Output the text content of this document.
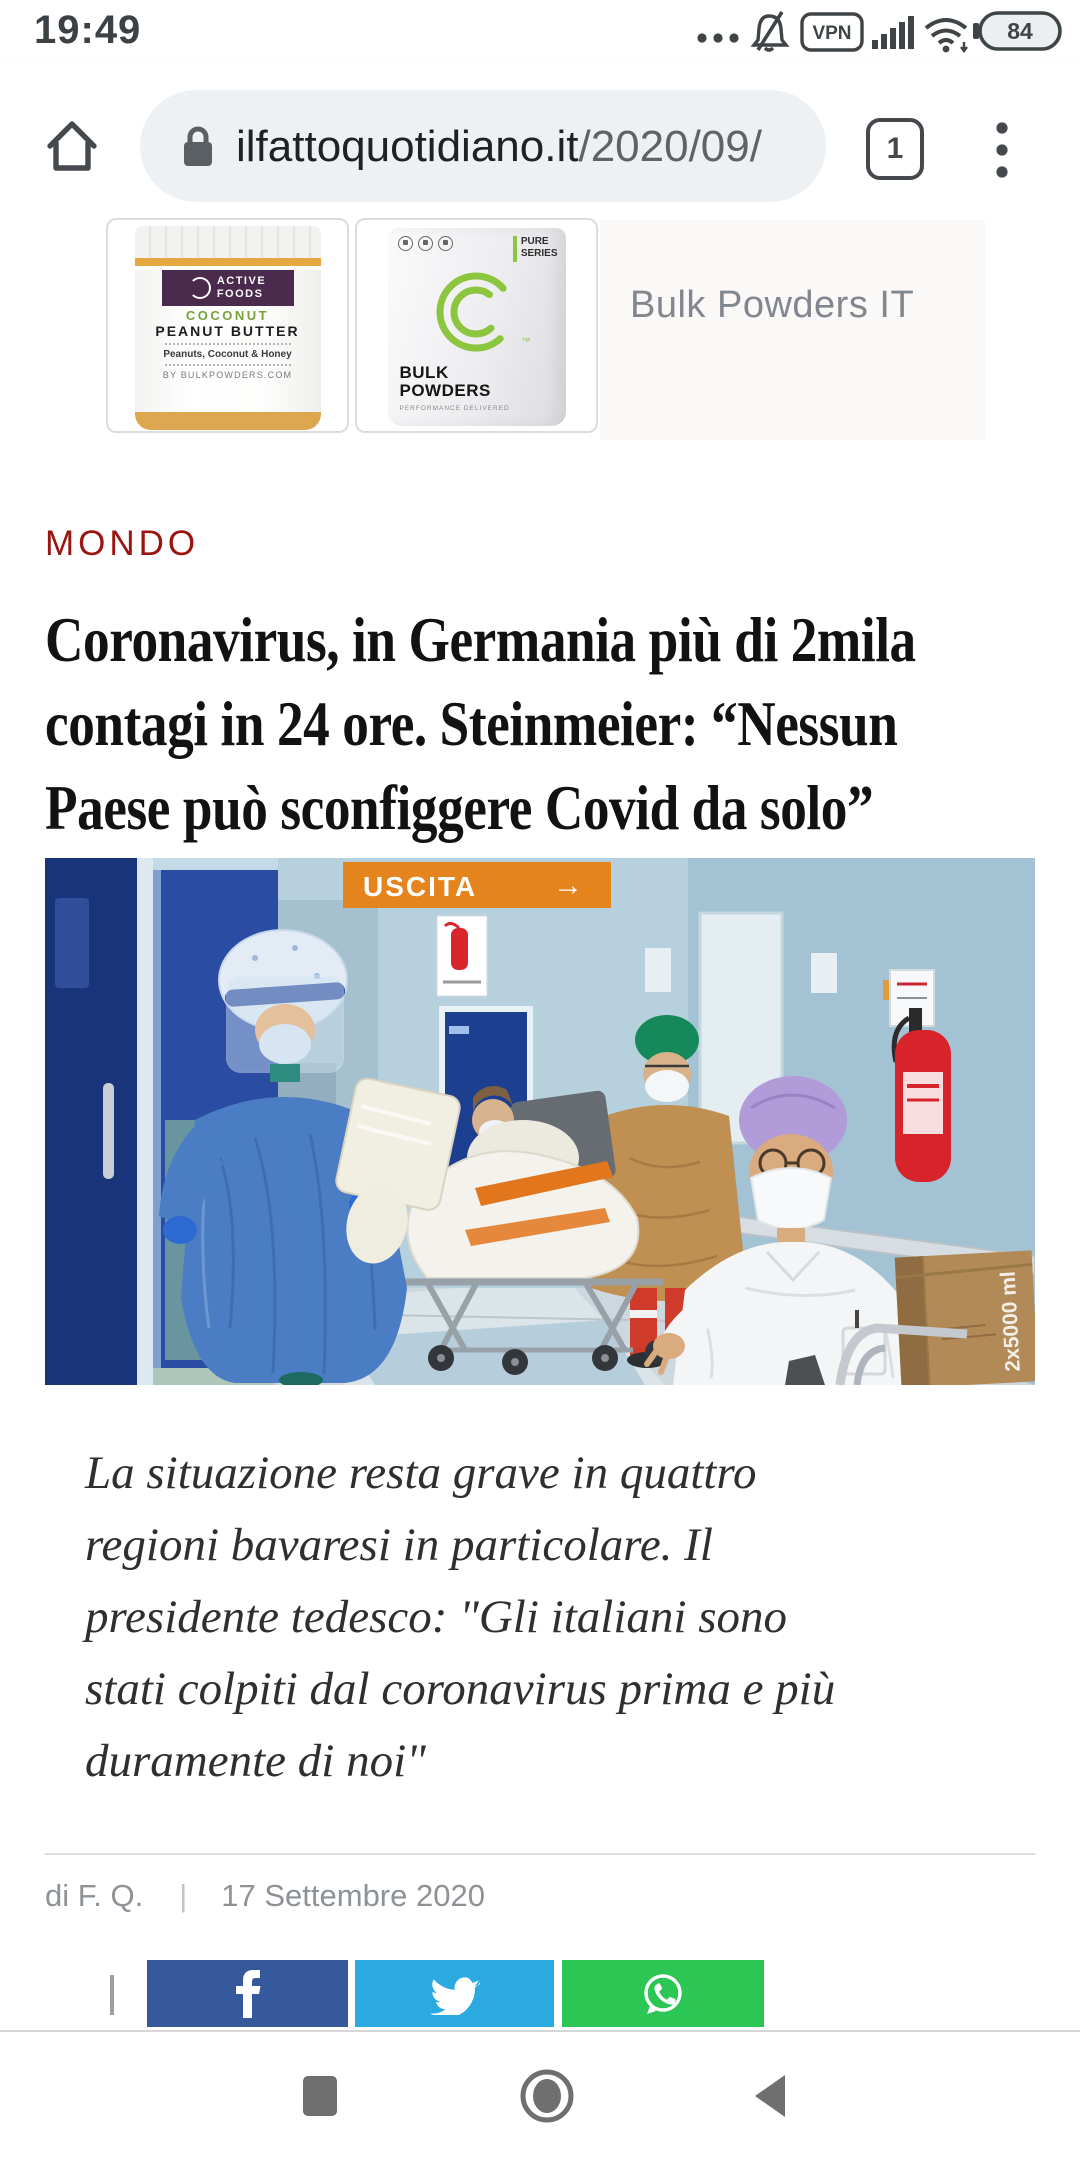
19:49	VPN	84
ilfattoquotidiano.it/2020/09/	1
ACTIVE
FOODS
COCONUT
PEANUT BUTTER
Peanuts, Coconut & Honey
BY BULKPOWDERS.COM
PURE
SERIES
™
BULK
POWDERS
PERFORMANCE DELIVERED
Bulk Powders IT
MONDO
Coronavirus, in Germania più di 2mila
contagi in 24 ore. Steinmeier: “Nessun
Paese può sconfiggere Covid da solo”
USCITA	→
2x5000 ml
La situazione resta grave in quattro
regioni bavaresi in particolare. Il
presidente tedesco: "Gli italiani sono
stati colpiti dal coronavirus prima e più
duramente di noi"
di F. Q. | 17 Settembre 2020
